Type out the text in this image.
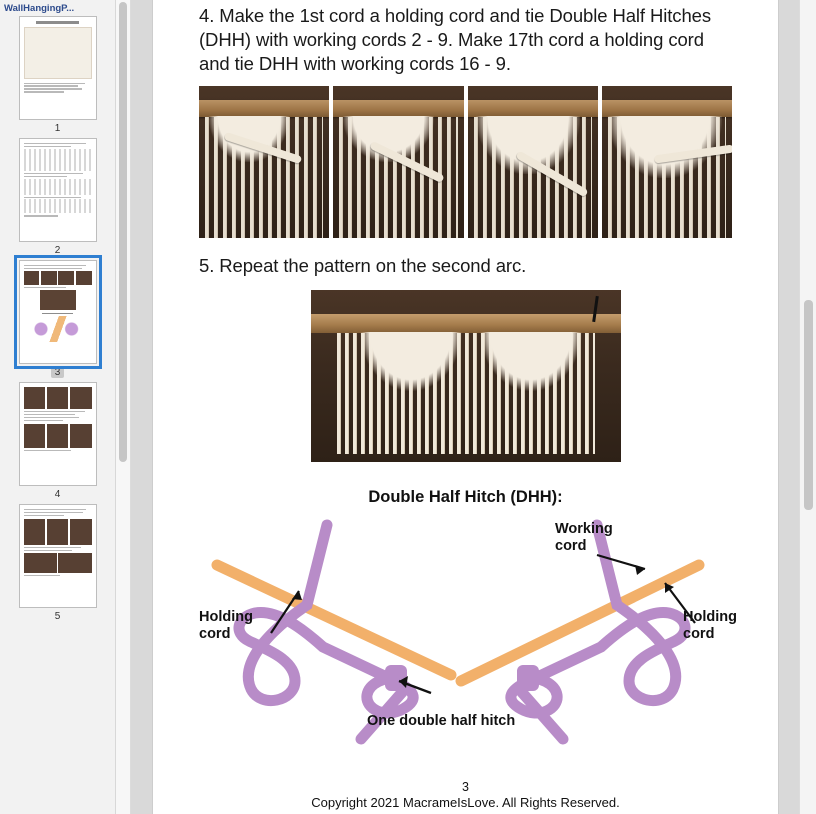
WallHangingP...
1
2
3
4
5

4. Make the 1st cord a holding cord and tie Double Half Hitches (DHH) with working cords 2 - 9. Make 17th cord a holding cord and tie DHH with working cords 16 - 9.

5. Repeat the pattern on the second arc.

Double Half Hitch (DHH):
Holding
cord
Working
cord
Holding
cord
One double half hitch
3
Copyright 2021 MacrameIsLove. All Rights Reserved.
